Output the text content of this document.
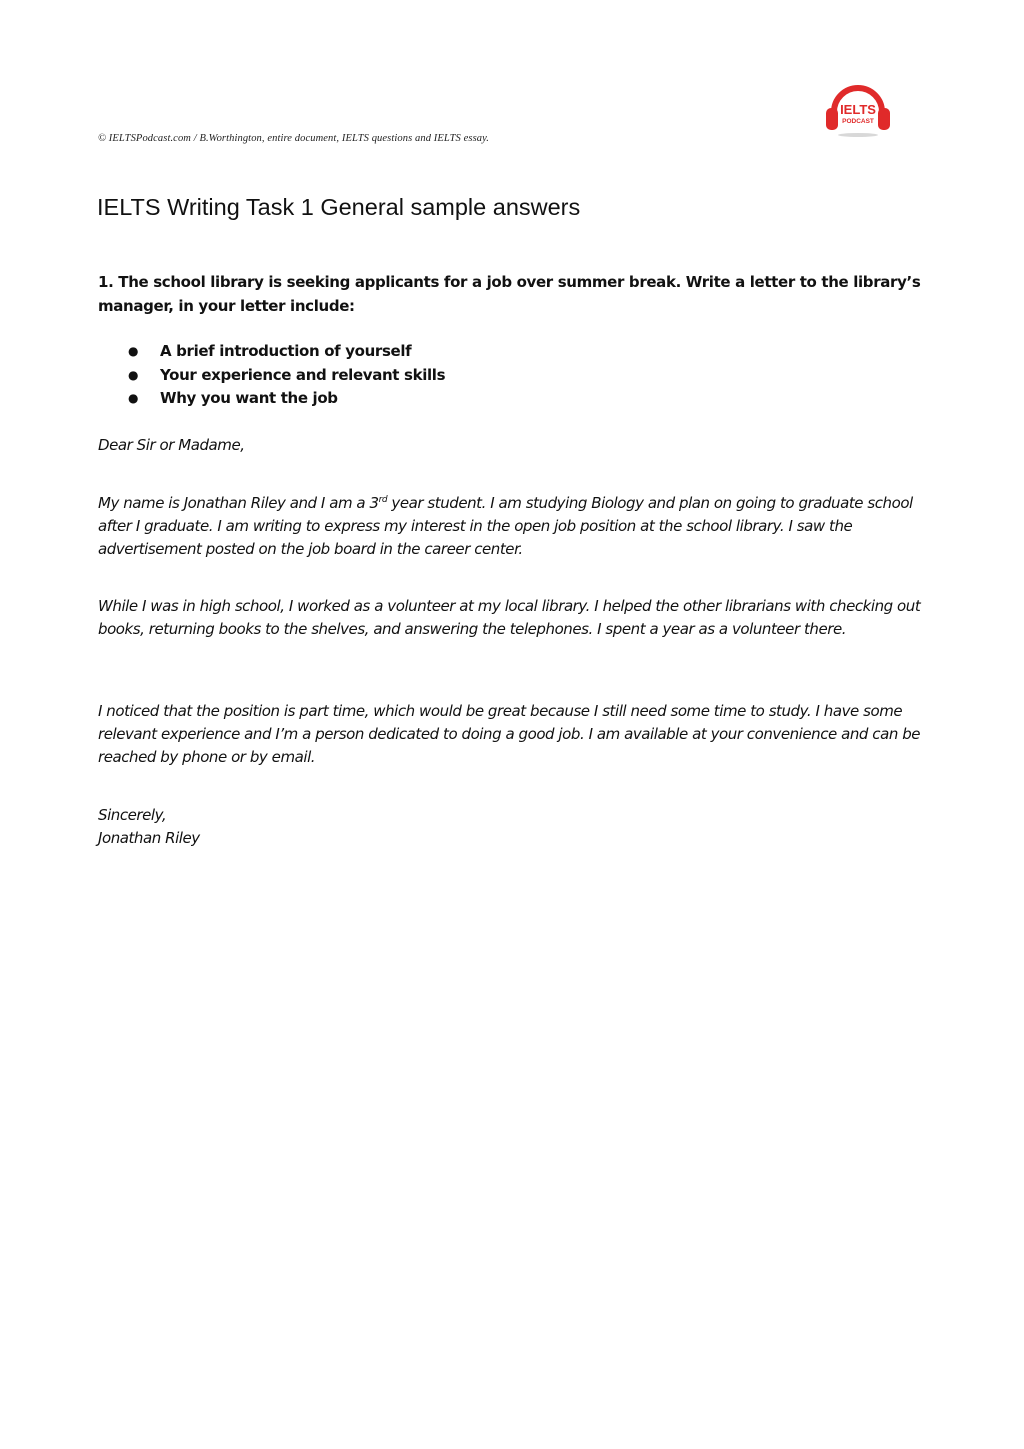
IELTS
PODCAST
© IELTSPodcast.com / B.Worthington, entire document, IELTS questions and IELTS essay.
IELTS Writing Task 1 General sample answers

1. The school library is seeking applicants for a job over summer break. Write a letter to the library’s manager, in your letter include:

● A brief introduction of yourself
● Your experience and relevant skills
● Why you want the job

Dear Sir or Madame,

My name is Jonathan Riley and I am a 3rd year student. I am studying Biology and plan on going to graduate school after I graduate. I am writing to express my interest in the open job position at the school library. I saw the advertisement posted on the job board in the career center.

While I was in high school, I worked as a volunteer at my local library. I helped the other librarians with checking out books, returning books to the shelves, and answering the telephones. I spent a year as a volunteer there.

I noticed that the position is part time, which would be great because I still need some time to study. I have some relevant experience and I’m a person dedicated to doing a good job. I am available at your convenience and can be reached by phone or by email.

Sincerely,

Jonathan Riley
